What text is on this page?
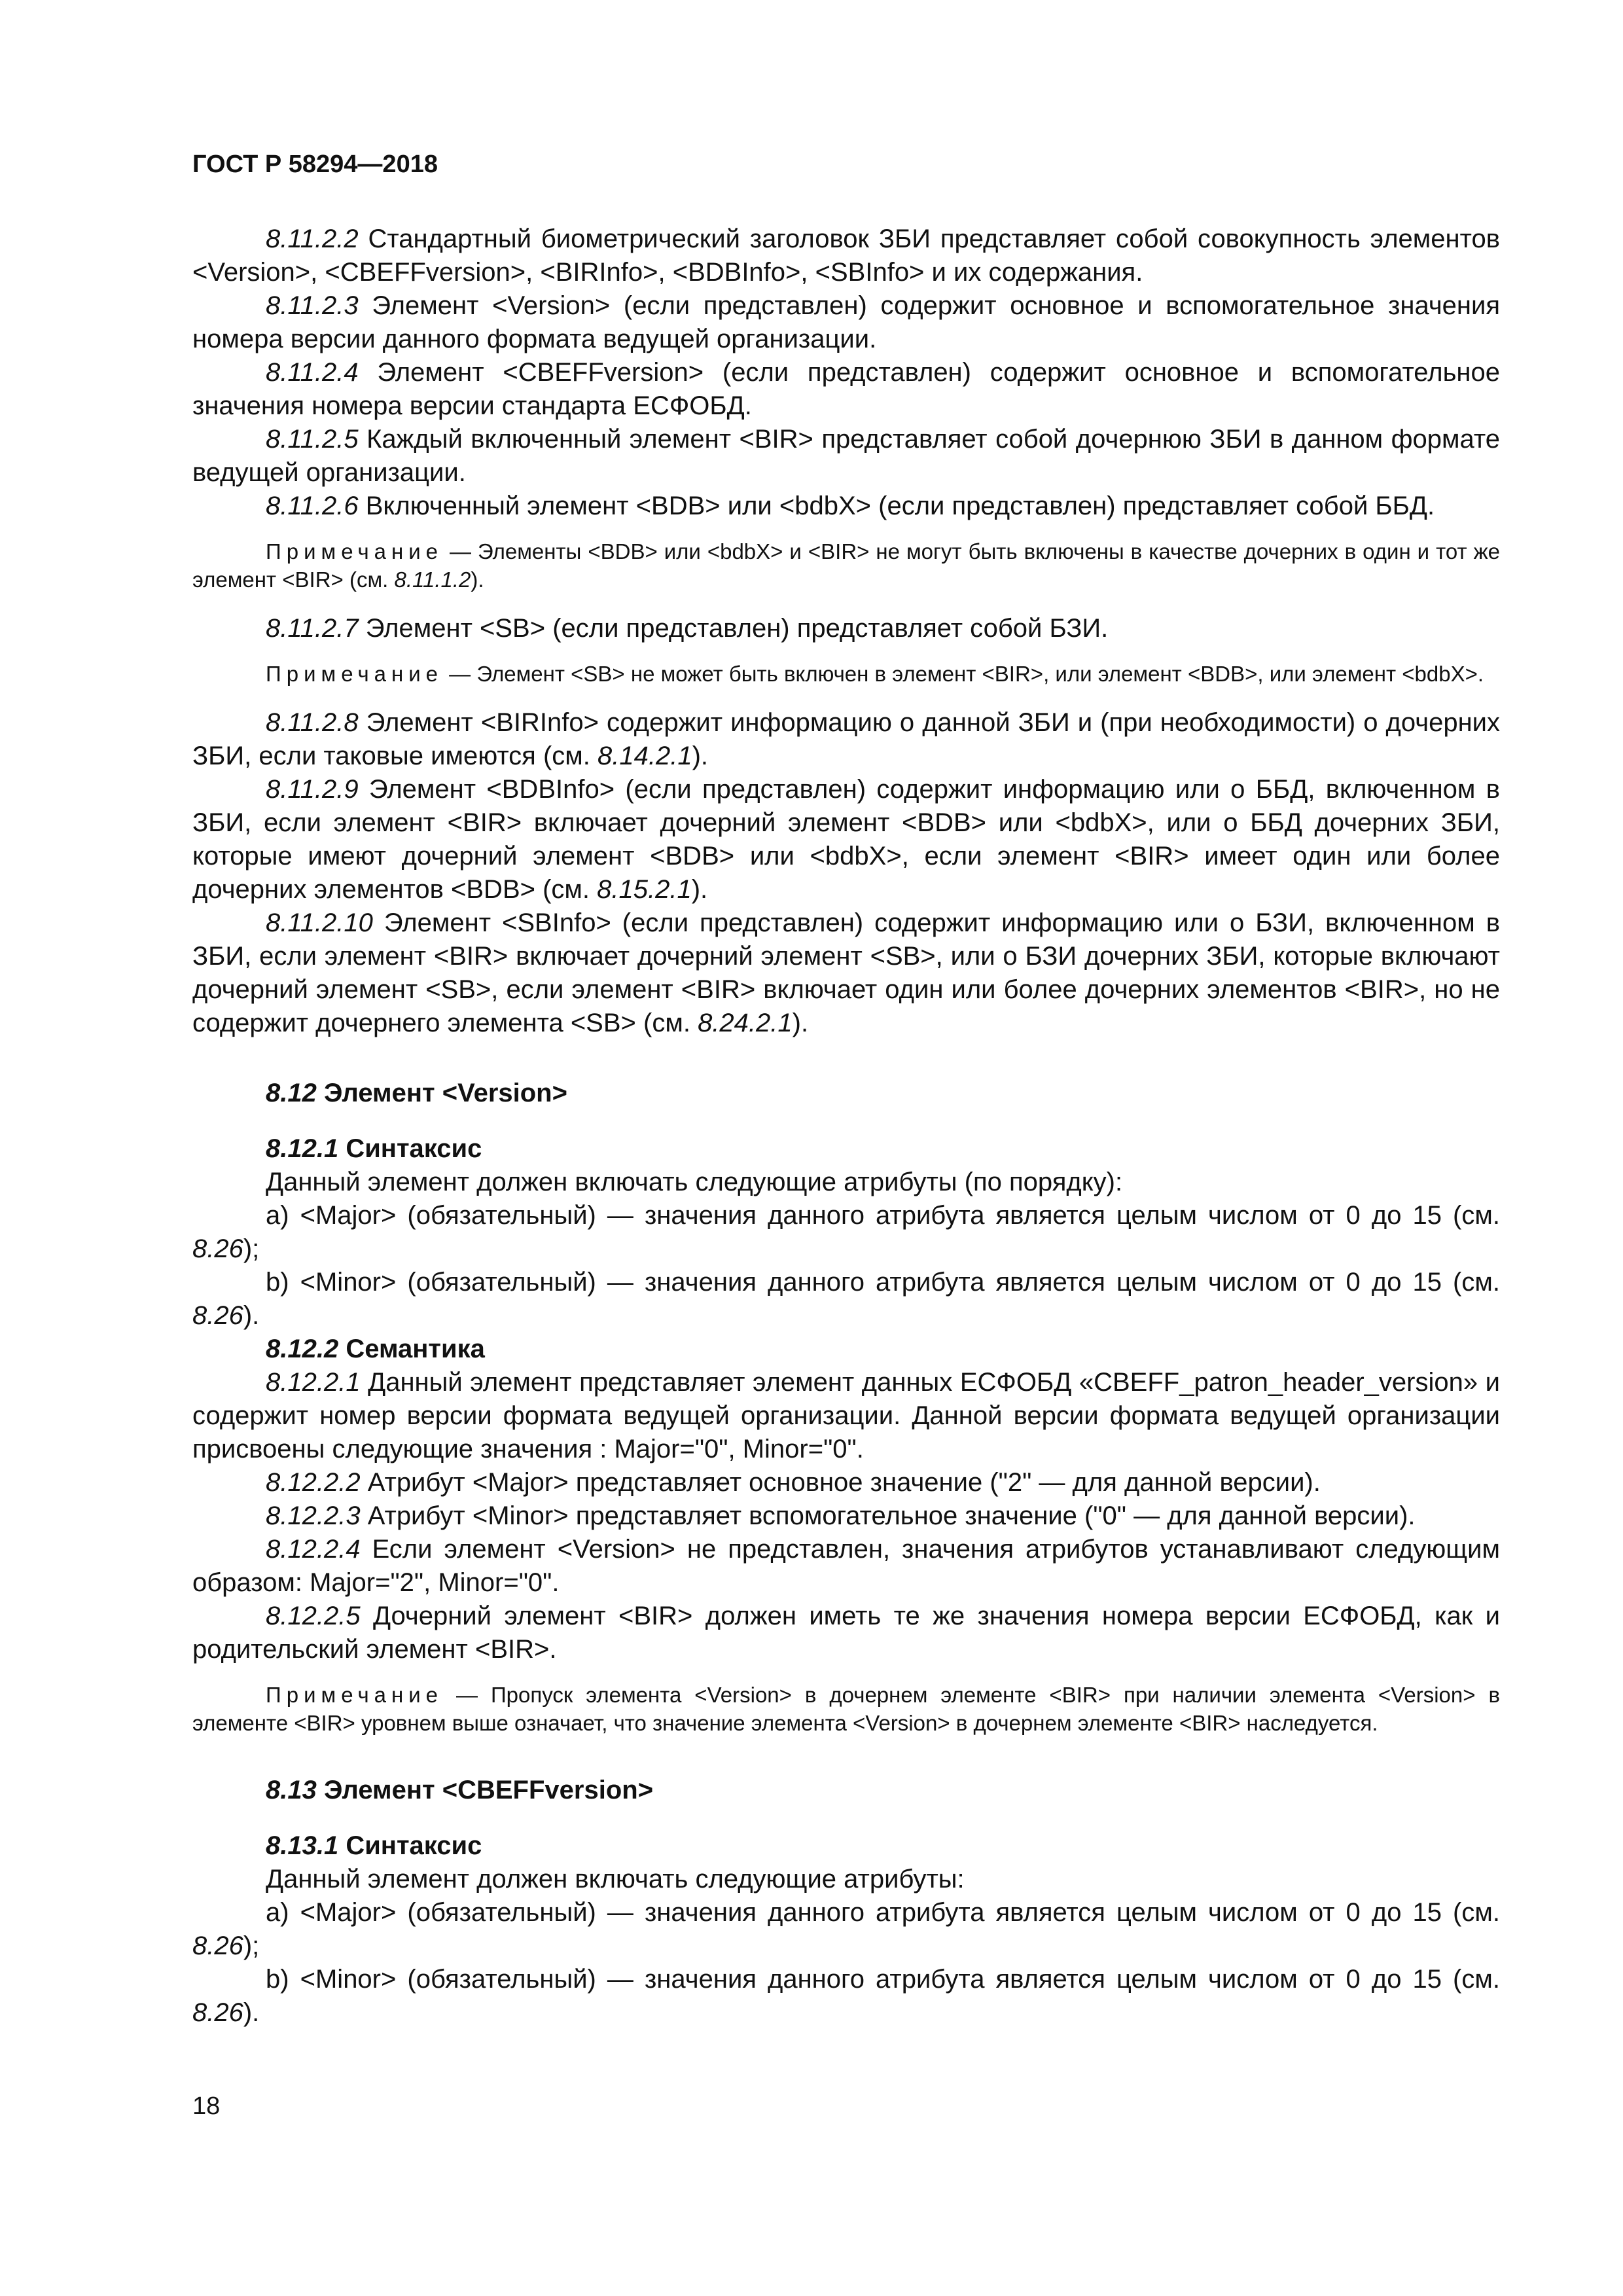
ГОСТ Р 58294—2018

8.11.2.2 Стандартный биометрический заголовок ЗБИ представляет собой совокупность элементов <Version>, <CBEFFversion>, <BIRInfo>, <BDBInfo>, <SBInfo> и их содержания.

8.11.2.3 Элемент <Version> (если представлен) содержит основное и вспомогательное значения номера версии данного формата ведущей организации.

8.11.2.4 Элемент <CBEFFversion> (если представлен) содержит основное и вспомогательное значения номера версии стандарта ЕСФОБД.

8.11.2.5 Каждый включенный элемент <BIR> представляет собой дочернюю ЗБИ в данном формате ведущей организации.

8.11.2.6 Включенный элемент <BDB> или <bdbX> (если представлен) представляет собой ББД.

Примечание — Элементы <BDB> или <bdbX> и <BIR> не могут быть включены в качестве дочерних в один и тот же элемент <BIR> (см. 8.11.1.2).

8.11.2.7 Элемент <SB> (если представлен) представляет собой БЗИ.

Примечание — Элемент <SB> не может быть включен в элемент <BIR>, или элемент <BDB>, или элемент <bdbX>.

8.11.2.8 Элемент <BIRInfo> содержит информацию о данной ЗБИ и (при необходимости) о дочерних ЗБИ, если таковые имеются (см. 8.14.2.1).

8.11.2.9 Элемент <BDBInfo> (если представлен) содержит информацию или о ББД, включенном в ЗБИ, если элемент <BIR> включает дочерний элемент <BDB> или <bdbX>, или о ББД дочерних ЗБИ, которые имеют дочерний элемент <BDB> или <bdbX>, если элемент <BIR> имеет один или более дочерних элементов <BDB> (см. 8.15.2.1).

8.11.2.10 Элемент <SBInfo> (если представлен) содержит информацию или о БЗИ, включенном в ЗБИ, если элемент <BIR> включает дочерний элемент <SB>, или о БЗИ дочерних ЗБИ, которые включают дочерний элемент <SB>, если элемент <BIR> включает один или более дочерних элементов <BIR>, но не содержит дочернего элемента <SB> (см. 8.24.2.1).

8.12 Элемент <Version>

8.12.1 Синтаксис

Данный элемент должен включать следующие атрибуты (по порядку):

a) <Major> (обязательный) — значения данного атрибута является целым числом от 0 до 15 (см. 8.26);

b) <Minor> (обязательный) — значения данного атрибута является целым числом от 0 до 15 (см. 8.26).

8.12.2 Семантика

8.12.2.1 Данный элемент представляет элемент данных ЕСФОБД «CBEFF_patron_header_version» и содержит номер версии формата ведущей организации. Данной версии формата ведущей организации присвоены следующие значения : Major="0", Minor="0".

8.12.2.2 Атрибут <Major> представляет основное значение ("2" — для данной версии).

8.12.2.3 Атрибут <Minor> представляет вспомогательное значение ("0" — для данной версии).

8.12.2.4 Если элемент <Version> не представлен, значения атрибутов устанавливают следующим образом: Major="2", Minor="0".

8.12.2.5 Дочерний элемент <BIR> должен иметь те же значения номера версии ЕСФОБД, как и родительский элемент <BIR>.

Примечание — Пропуск элемента <Version> в дочернем элементе <BIR> при наличии элемента <Version> в элементе <BIR> уровнем выше означает, что значение элемента <Version> в дочернем элементе <BIR> наследуется.

8.13 Элемент <CBEFFversion>

8.13.1 Синтаксис

Данный элемент должен включать следующие атрибуты:

a) <Major> (обязательный) — значения данного атрибута является целым числом от 0 до 15 (см. 8.26);

b) <Minor> (обязательный) — значения данного атрибута является целым числом от 0 до 15 (см. 8.26).

18
